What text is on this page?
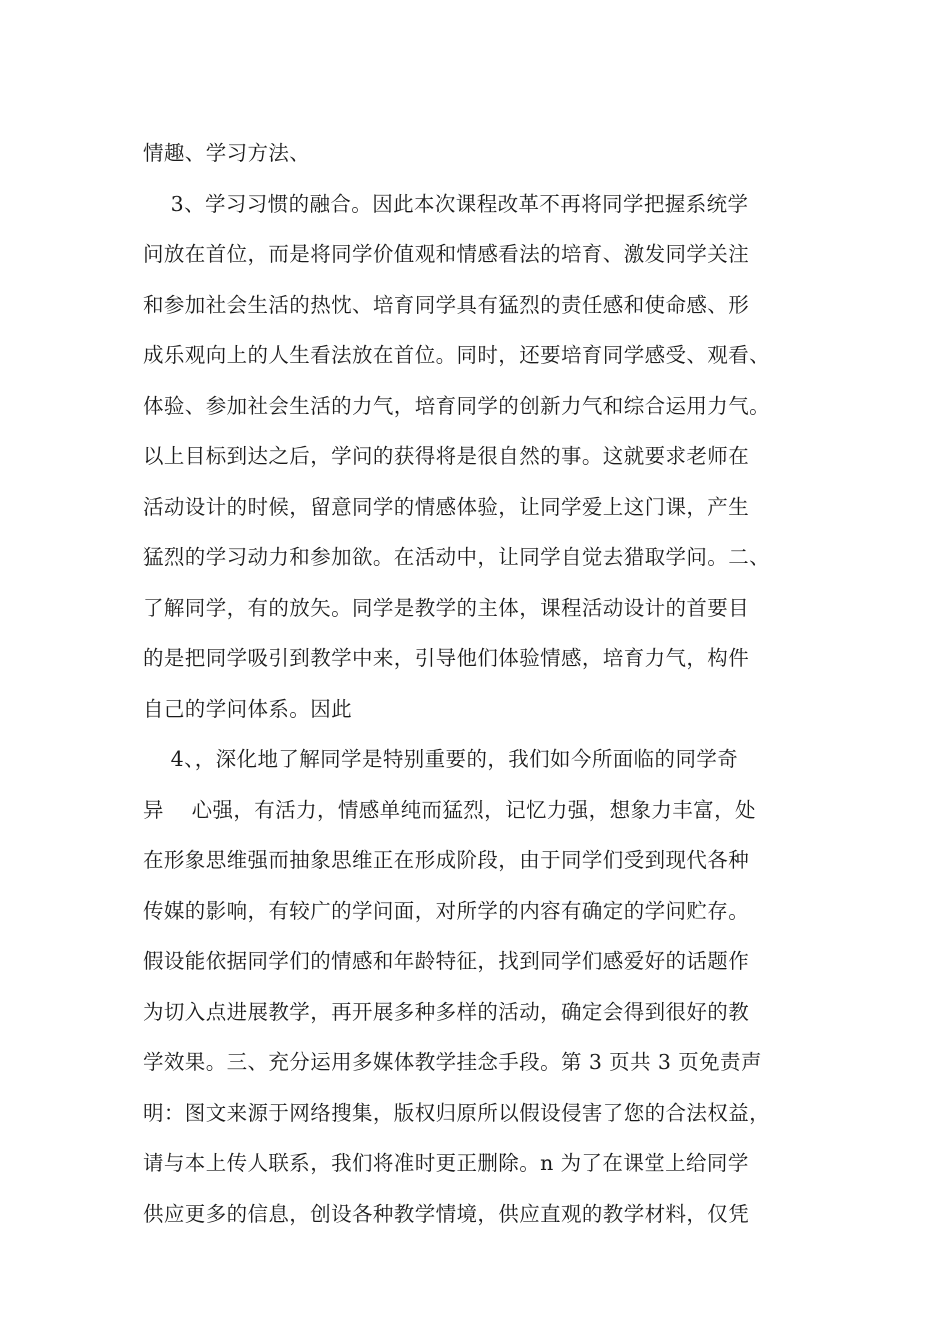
情趣、学习方法、
3、学习习惯的融合。因此本次课程改革不再将同学把握系统学
问放在首位，而是将同学价值观和情感看法的培育、激发同学关注
和参加社会生活的热忱、培育同学具有猛烈的责任感和使命感、形
成乐观向上的人生看法放在首位。同时，还要培育同学感受、观看、
体验、参加社会生活的力气，培育同学的创新力气和综合运用力气。
以上目标到达之后，学问的获得将是很自然的事。这就要求老师在
活动设计的时候，留意同学的情感体验，让同学爱上这门课，产生
猛烈的学习动力和参加欲。在活动中，让同学自觉去猎取学问。二、
了解同学，有的放矢。同学是教学的主体，课程活动设计的首要目
的是把同学吸引到教学中来，引导他们体验情感，培育力气，构件
自己的学问体系。因此
4、，深化地了解同学是特别重要的，我们如今所面临的同学奇
异    心强，有活力，情感单纯而猛烈，记忆力强，想象力丰富，处
在形象思维强而抽象思维正在形成阶段，由于同学们受到现代各种
传媒的影响，有较广的学问面，对所学的内容有确定的学问贮存。
假设能依据同学们的情感和年龄特征，找到同学们感爱好的话题作
为切入点进展教学，再开展多种多样的活动，确定会得到很好的教
学效果。三、充分运用多媒体教学挂念手段。第 3 页共 3 页免责声
明：图文来源于网络搜集，版权归原所以假设侵害了您的合法权益，
请与本上传人联系，我们将准时更正删除。n 为了在课堂上给同学
供应更多的信息，创设各种教学情境，供应直观的教学材料，仅凭
